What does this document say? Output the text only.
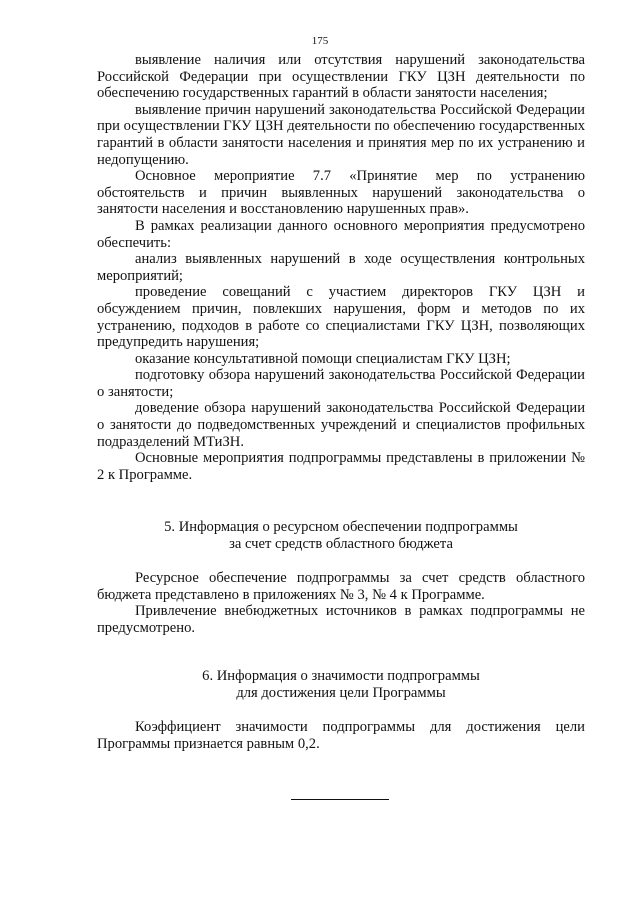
175

выявление наличия или отсутствия нарушений законодательства Российской Федерации при осуществлении ГКУ ЦЗН деятельности по обеспечению государственных гарантий в области занятости населения;

выявление причин нарушений законодательства Российской Федерации при осуществлении ГКУ ЦЗН деятельности по обеспечению государственных гарантий в области занятости населения и принятия мер по их устранению и недопущению.

Основное мероприятие 7.7 «Принятие мер по устранению обстоятельств и причин выявленных нарушений законодательства о занятости населения и восстановлению нарушенных прав».

В рамках реализации данного основного мероприятия предусмотрено обеспечить:

анализ выявленных нарушений в ходе осуществления контрольных мероприятий;

проведение совещаний с участием директоров ГКУ ЦЗН и обсуждением причин, повлекших нарушения, форм и методов по их устранению, подходов в работе со специалистами ГКУ ЦЗН, позволяющих предупредить нарушения;

оказание консультативной помощи специалистам ГКУ ЦЗН;

подготовку обзора нарушений законодательства Российской Федерации о занятости;

доведение обзора нарушений законодательства Российской Федерации о занятости до подведомственных учреждений и специалистов профильных подразделений МТиЗН.

Основные мероприятия подпрограммы представлены в приложении № 2 к Программе.

5. Информация о ресурсном обеспечении подпрограммы
за счет средств областного бюджета

Ресурсное обеспечение подпрограммы за счет средств областного бюджета представлено в приложениях № 3, № 4 к Программе.

Привлечение внебюджетных источников в рамках подпрограммы не предусмотрено.

6. Информация о значимости подпрограммы
для достижения цели Программы

Коэффициент значимости подпрограммы для достижения цели Программы признается равным 0,2.
